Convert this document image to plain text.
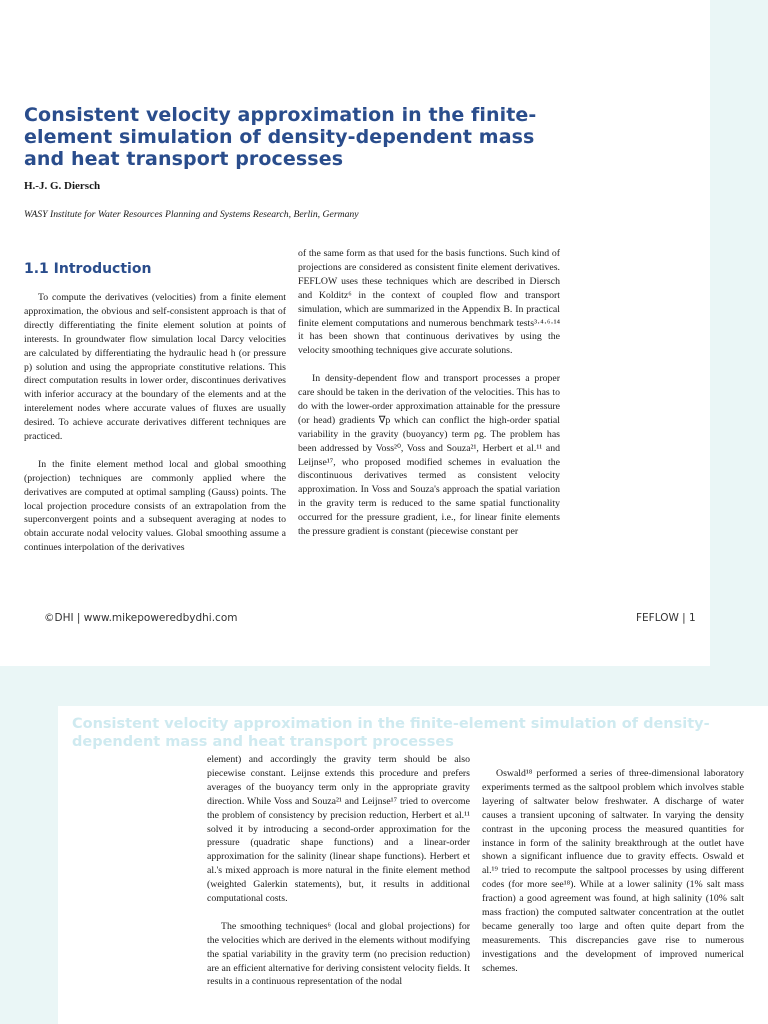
Consistent velocity approximation in the finite-element simulation of density-dependent mass and heat transport processes
H.-J. G. Diersch
WASY Institute for Water Resources Planning and Systems Research, Berlin, Germany
1.1 Introduction

To compute the derivatives (velocities) from a finite element approximation, the obvious and self-consistent approach is that of directly differentiating the finite element solution at points of interests. In groundwater flow simulation local Darcy velocities are calculated by differentiating the hydraulic head h (or pressure p) solution and using the appropriate constitutive relations. This direct computation results in lower order, discontinues derivatives with inferior accuracy at the boundary of the elements and at the interelement nodes where accurate values of fluxes are usually desired. To achieve accurate derivatives different techniques are practiced.

In the finite element method local and global smoothing (projection) techniques are commonly applied where the derivatives are computed at optimal sampling (Gauss) points. The local projection procedure consists of an extrapolation from the superconvergent points and a subsequent averaging at nodes to obtain accurate nodal velocity values. Global smoothing assume a continues interpolation of the derivatives

of the same form as that used for the basis functions. Such kind of projections are considered as consistent finite element derivatives. FEFLOW uses these techniques which are described in Diersch and Kolditz⁶ in the context of coupled flow and transport simulation, which are summarized in the Appendix B. In practical finite element computations and numerous benchmark tests³·⁴·⁶·¹⁴ it has been shown that continuous derivatives by using the velocity smoothing techniques give accurate solutions.

In density-dependent flow and transport processes a proper care should be taken in the derivation of the velocities. This has to do with the lower-order approximation attainable for the pressure (or head) gradients ∇p which can conflict the high-order spatial variability in the gravity (buoyancy) term ρg. The problem has been addressed by Voss²⁰, Voss and Souza²¹, Herbert et al.¹¹ and Leijnse¹⁷, who proposed modified schemes in evaluation the discontinuous derivatives termed as consistent velocity approximation. In Voss and Souza's approach the spatial variation in the gravity term is reduced to the same spatial functionality occurred for the pressure gradient, i.e., for linear finite elements the pressure gradient is constant (piecewise constant per

©DHI | www.mikepoweredbydhi.com	FEFLOW | 1
Consistent velocity approximation in the finite-element simulation of density-dependent mass and heat transport processes

element) and accordingly the gravity term should be also piecewise constant. Leijnse extends this procedure and prefers averages of the buoyancy term only in the appropriate gravity direction. While Voss and Souza²¹ and Leijnse¹⁷ tried to overcome the problem of consistency by precision reduction, Herbert et al.¹¹ solved it by introducing a second-order approximation for the pressure (quadratic shape functions) and a linear-order approximation for the salinity (linear shape functions). Herbert et al.'s mixed approach is more natural in the finite element method (weighted Galerkin statements), but, it results in additional computational costs.

The smoothing techniques⁶ (local and global projections) for the velocities which are derived in the elements without modifying the spatial variability in the gravity term (no precision reduction) are an efficient alternative for deriving consistent velocity fields. It results in a continuous representation of the nodal

Oswald¹⁸ performed a series of three-dimensional laboratory experiments termed as the saltpool problem which involves stable layering of saltwater below freshwater. A discharge of water causes a transient upconing of saltwater. In varying the density contrast in the upconing process the measured quantities for instance in form of the salinity breakthrough at the outlet have shown a significant influence due to gravity effects. Oswald et al.¹⁹ tried to recompute the saltpool processes by using different codes (for more see¹⁸). While at a lower salinity (1% salt mass fraction) a good agreement was found, at high salinity (10% salt mass fraction) the computed saltwater concentration at the outlet became generally too large and often quite depart from the measurements. This discrepancies gave rise to numerous investigations and the development of improved numerical schemes.
